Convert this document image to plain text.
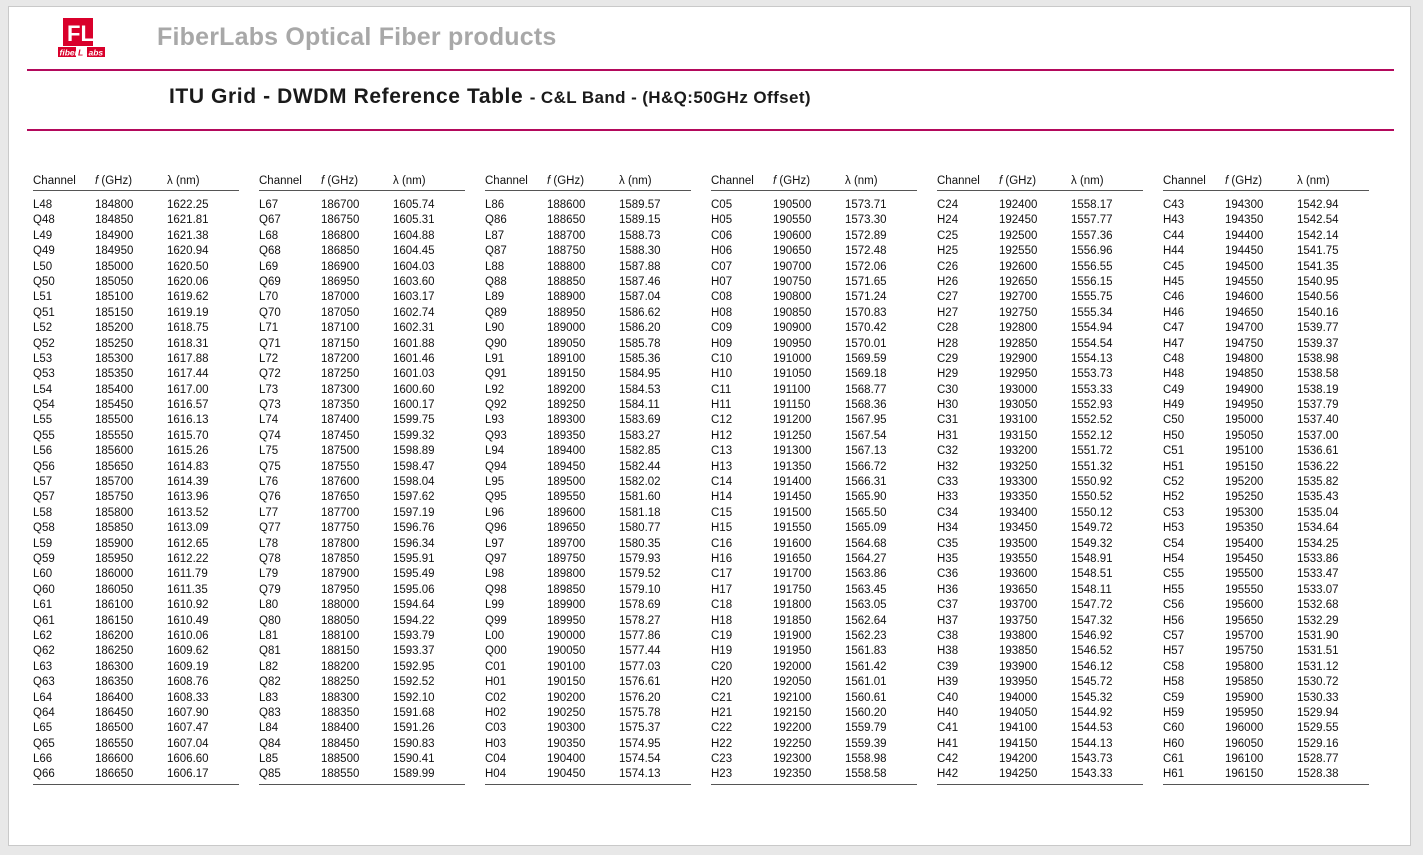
FL
fiber L abs
FiberLabs Optical Fiber products
ITU Grid - DWDM Reference Table - C&L Band - (H&Q:50GHz Offset)
Channel	f (GHz)	λ (nm)
L48	184800	1622.25
Q48	184850	1621.81
L49	184900	1621.38
Q49	184950	1620.94
L50	185000	1620.50
Q50	185050	1620.06
L51	185100	1619.62
Q51	185150	1619.19
L52	185200	1618.75
Q52	185250	1618.31
L53	185300	1617.88
Q53	185350	1617.44
L54	185400	1617.00
Q54	185450	1616.57
L55	185500	1616.13
Q55	185550	1615.70
L56	185600	1615.26
Q56	185650	1614.83
L57	185700	1614.39
Q57	185750	1613.96
L58	185800	1613.52
Q58	185850	1613.09
L59	185900	1612.65
Q59	185950	1612.22
L60	186000	1611.79
Q60	186050	1611.35
L61	186100	1610.92
Q61	186150	1610.49
L62	186200	1610.06
Q62	186250	1609.62
L63	186300	1609.19
Q63	186350	1608.76
L64	186400	1608.33
Q64	186450	1607.90
L65	186500	1607.47
Q65	186550	1607.04
L66	186600	1606.60
Q66	186650	1606.17
Channel	f (GHz)	λ (nm)
L67	186700	1605.74
Q67	186750	1605.31
L68	186800	1604.88
Q68	186850	1604.45
L69	186900	1604.03
Q69	186950	1603.60
L70	187000	1603.17
Q70	187050	1602.74
L71	187100	1602.31
Q71	187150	1601.88
L72	187200	1601.46
Q72	187250	1601.03
L73	187300	1600.60
Q73	187350	1600.17
L74	187400	1599.75
Q74	187450	1599.32
L75	187500	1598.89
Q75	187550	1598.47
L76	187600	1598.04
Q76	187650	1597.62
L77	187700	1597.19
Q77	187750	1596.76
L78	187800	1596.34
Q78	187850	1595.91
L79	187900	1595.49
Q79	187950	1595.06
L80	188000	1594.64
Q80	188050	1594.22
L81	188100	1593.79
Q81	188150	1593.37
L82	188200	1592.95
Q82	188250	1592.52
L83	188300	1592.10
Q83	188350	1591.68
L84	188400	1591.26
Q84	188450	1590.83
L85	188500	1590.41
Q85	188550	1589.99
Channel	f (GHz)	λ (nm)
L86	188600	1589.57
Q86	188650	1589.15
L87	188700	1588.73
Q87	188750	1588.30
L88	188800	1587.88
Q88	188850	1587.46
L89	188900	1587.04
Q89	188950	1586.62
L90	189000	1586.20
Q90	189050	1585.78
L91	189100	1585.36
Q91	189150	1584.95
L92	189200	1584.53
Q92	189250	1584.11
L93	189300	1583.69
Q93	189350	1583.27
L94	189400	1582.85
Q94	189450	1582.44
L95	189500	1582.02
Q95	189550	1581.60
L96	189600	1581.18
Q96	189650	1580.77
L97	189700	1580.35
Q97	189750	1579.93
L98	189800	1579.52
Q98	189850	1579.10
L99	189900	1578.69
Q99	189950	1578.27
L00	190000	1577.86
Q00	190050	1577.44
C01	190100	1577.03
H01	190150	1576.61
C02	190200	1576.20
H02	190250	1575.78
C03	190300	1575.37
H03	190350	1574.95
C04	190400	1574.54
H04	190450	1574.13
Channel	f (GHz)	λ (nm)
C05	190500	1573.71
H05	190550	1573.30
C06	190600	1572.89
H06	190650	1572.48
C07	190700	1572.06
H07	190750	1571.65
C08	190800	1571.24
H08	190850	1570.83
C09	190900	1570.42
H09	190950	1570.01
C10	191000	1569.59
H10	191050	1569.18
C11	191100	1568.77
H11	191150	1568.36
C12	191200	1567.95
H12	191250	1567.54
C13	191300	1567.13
H13	191350	1566.72
C14	191400	1566.31
H14	191450	1565.90
C15	191500	1565.50
H15	191550	1565.09
C16	191600	1564.68
H16	191650	1564.27
C17	191700	1563.86
H17	191750	1563.45
C18	191800	1563.05
H18	191850	1562.64
C19	191900	1562.23
H19	191950	1561.83
C20	192000	1561.42
H20	192050	1561.01
C21	192100	1560.61
H21	192150	1560.20
C22	192200	1559.79
H22	192250	1559.39
C23	192300	1558.98
H23	192350	1558.58
Channel	f (GHz)	λ (nm)
C24	192400	1558.17
H24	192450	1557.77
C25	192500	1557.36
H25	192550	1556.96
C26	192600	1556.55
H26	192650	1556.15
C27	192700	1555.75
H27	192750	1555.34
C28	192800	1554.94
H28	192850	1554.54
C29	192900	1554.13
H29	192950	1553.73
C30	193000	1553.33
H30	193050	1552.93
C31	193100	1552.52
H31	193150	1552.12
C32	193200	1551.72
H32	193250	1551.32
C33	193300	1550.92
H33	193350	1550.52
C34	193400	1550.12
H34	193450	1549.72
C35	193500	1549.32
H35	193550	1548.91
C36	193600	1548.51
H36	193650	1548.11
C37	193700	1547.72
H37	193750	1547.32
C38	193800	1546.92
H38	193850	1546.52
C39	193900	1546.12
H39	193950	1545.72
C40	194000	1545.32
H40	194050	1544.92
C41	194100	1544.53
H41	194150	1544.13
C42	194200	1543.73
H42	194250	1543.33
Channel	f (GHz)	λ (nm)
C43	194300	1542.94
H43	194350	1542.54
C44	194400	1542.14
H44	194450	1541.75
C45	194500	1541.35
H45	194550	1540.95
C46	194600	1540.56
H46	194650	1540.16
C47	194700	1539.77
H47	194750	1539.37
C48	194800	1538.98
H48	194850	1538.58
C49	194900	1538.19
H49	194950	1537.79
C50	195000	1537.40
H50	195050	1537.00
C51	195100	1536.61
H51	195150	1536.22
C52	195200	1535.82
H52	195250	1535.43
C53	195300	1535.04
H53	195350	1534.64
C54	195400	1534.25
H54	195450	1533.86
C55	195500	1533.47
H55	195550	1533.07
C56	195600	1532.68
H56	195650	1532.29
C57	195700	1531.90
H57	195750	1531.51
C58	195800	1531.12
H58	195850	1530.72
C59	195900	1530.33
H59	195950	1529.94
C60	196000	1529.55
H60	196050	1529.16
C61	196100	1528.77
H61	196150	1528.38
